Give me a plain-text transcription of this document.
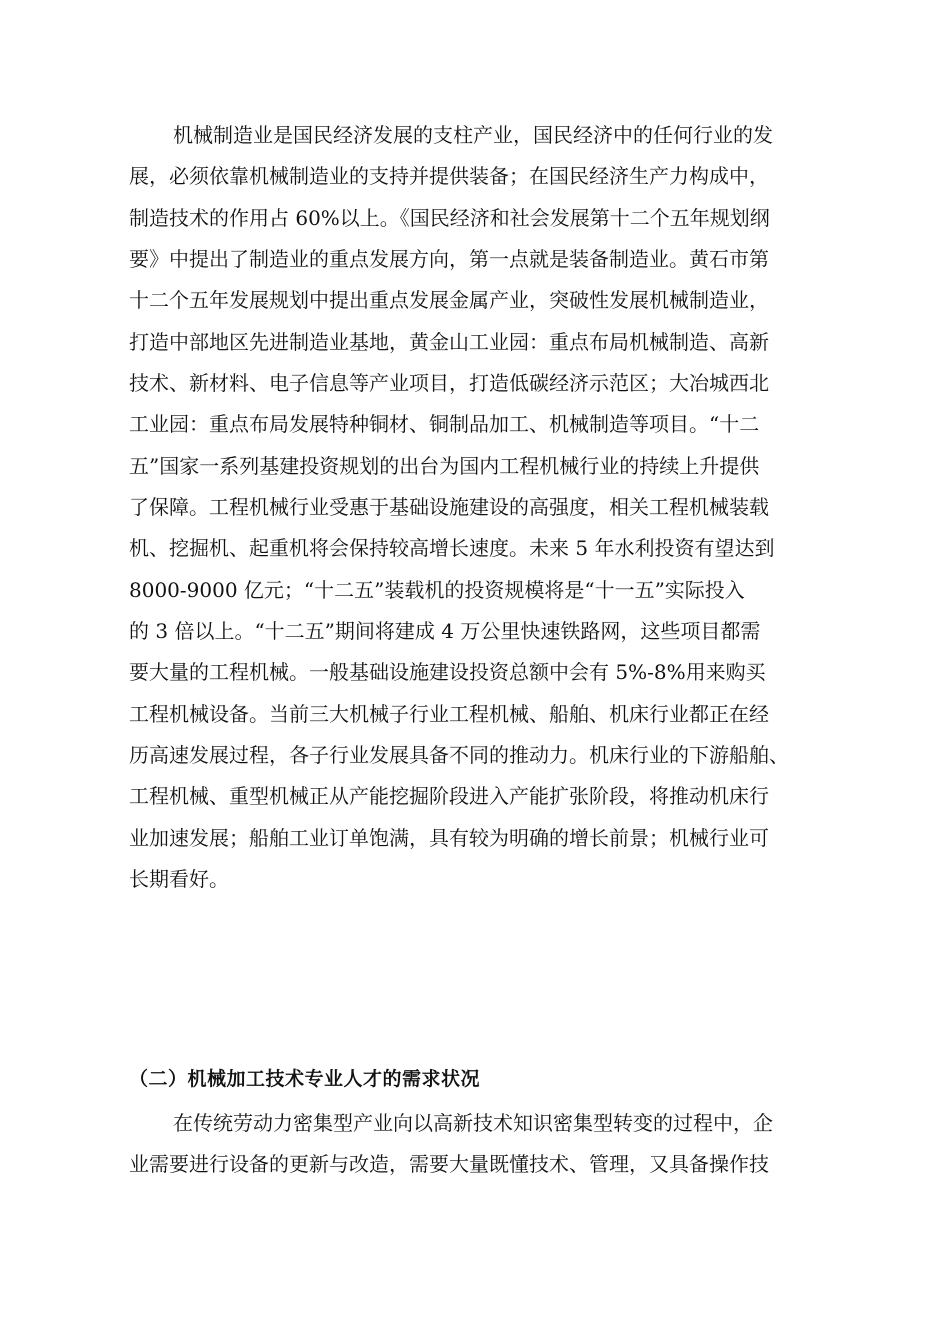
机械制造业是国民经济发展的支柱产业，国民经济中的任何行业的发
展，必须依靠机械制造业的支持并提供装备；在国民经济生产力构成中，
制造技术的作用占 60%以上。《国民经济和社会发展第十二个五年规划纲
要》中提出了制造业的重点发展方向，第一点就是装备制造业。黄石市第
十二个五年发展规划中提出重点发展金属产业，突破性发展机械制造业，
打造中部地区先进制造业基地，黄金山工业园：重点布局机械制造、高新
技术、新材料、电子信息等产业项目，打造低碳经济示范区；大冶城西北
工业园：重点布局发展特种铜材、铜制品加工、机械制造等项目。“十二
五”国家一系列基建投资规划的出台为国内工程机械行业的持续上升提供
了保障。工程机械行业受惠于基础设施建设的高强度，相关工程机械装载
机、挖掘机、起重机将会保持较高增长速度。未来 5 年水利投资有望达到
8000-9000 亿元；“十二五”装载机的投资规模将是“十一五”实际投入
的 3 倍以上。“十二五”期间将建成 4 万公里快速铁路网，这些项目都需
要大量的工程机械。一般基础设施建设投资总额中会有 5%-8%用来购买
工程机械设备。当前三大机械子行业工程机械、船舶、机床行业都正在经
历高速发展过程，各子行业发展具备不同的推动力。机床行业的下游船舶、
工程机械、重型机械正从产能挖掘阶段进入产能扩张阶段，将推动机床行
业加速发展；船舶工业订单饱满，具有较为明确的增长前景；机械行业可
长期看好。
（二）机械加工技术专业人才的需求状况
在传统劳动力密集型产业向以高新技术知识密集型转变的过程中，企
业需要进行设备的更新与改造，需要大量既懂技术、管理，又具备操作技
